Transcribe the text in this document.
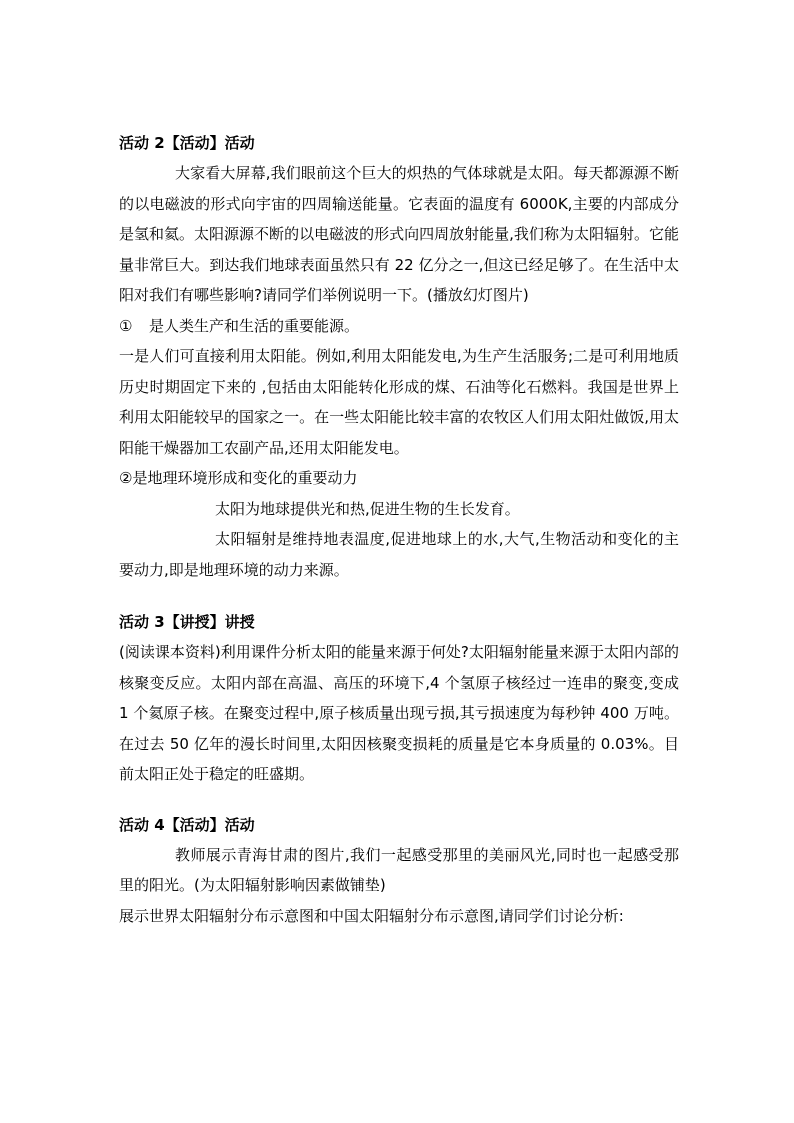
活动 2【活动】活动

大家看大屏幕,我们眼前这个巨大的炽热的气体球就是太阳。每天都源源不断的以电磁波的形式向宇宙的四周输送能量。它表面的温度有 6000K,主要的内部成分是氢和氦。太阳源源不断的以电磁波的形式向四周放射能量,我们称为太阳辐射。它能量非常巨大。到达我们地球表面虽然只有 22 亿分之一,但这已经足够了。在生活中太阳对我们有哪些影响?请同学们举例说明一下。(播放幻灯图片)

① 是人类生产和生活的重要能源。

一是人们可直接利用太阳能。例如,利用太阳能发电,为生产生活服务;二是可利用地质历史时期固定下来的 ,包括由太阳能转化形成的煤、石油等化石燃料。我国是世界上利用太阳能较早的国家之一。在一些太阳能比较丰富的农牧区人们用太阳灶做饭,用太阳能干燥器加工农副产品,还用太阳能发电。

②是地理环境形成和变化的重要动力

太阳为地球提供光和热,促进生物的生长发育。

太阳辐射是维持地表温度,促进地球上的水,大气,生物活动和变化的主要动力,即是地理环境的动力来源。

活动 3【讲授】讲授

(阅读课本资料)利用课件分析太阳的能量来源于何处?太阳辐射能量来源于太阳内部的核聚变反应。太阳内部在高温、高压的环境下,4 个氢原子核经过一连串的聚变,变成 1 个氦原子核。在聚变过程中,原子核质量出现亏损,其亏损速度为每秒钟 400 万吨。在过去 50 亿年的漫长时间里,太阳因核聚变损耗的质量是它本身质量的 0.03%。目前太阳正处于稳定的旺盛期。

活动 4【活动】活动

教师展示青海甘肃的图片,我们一起感受那里的美丽风光,同时也一起感受那里的阳光。(为太阳辐射影响因素做铺垫)

展示世界太阳辐射分布示意图和中国太阳辐射分布示意图,请同学们讨论分析:
